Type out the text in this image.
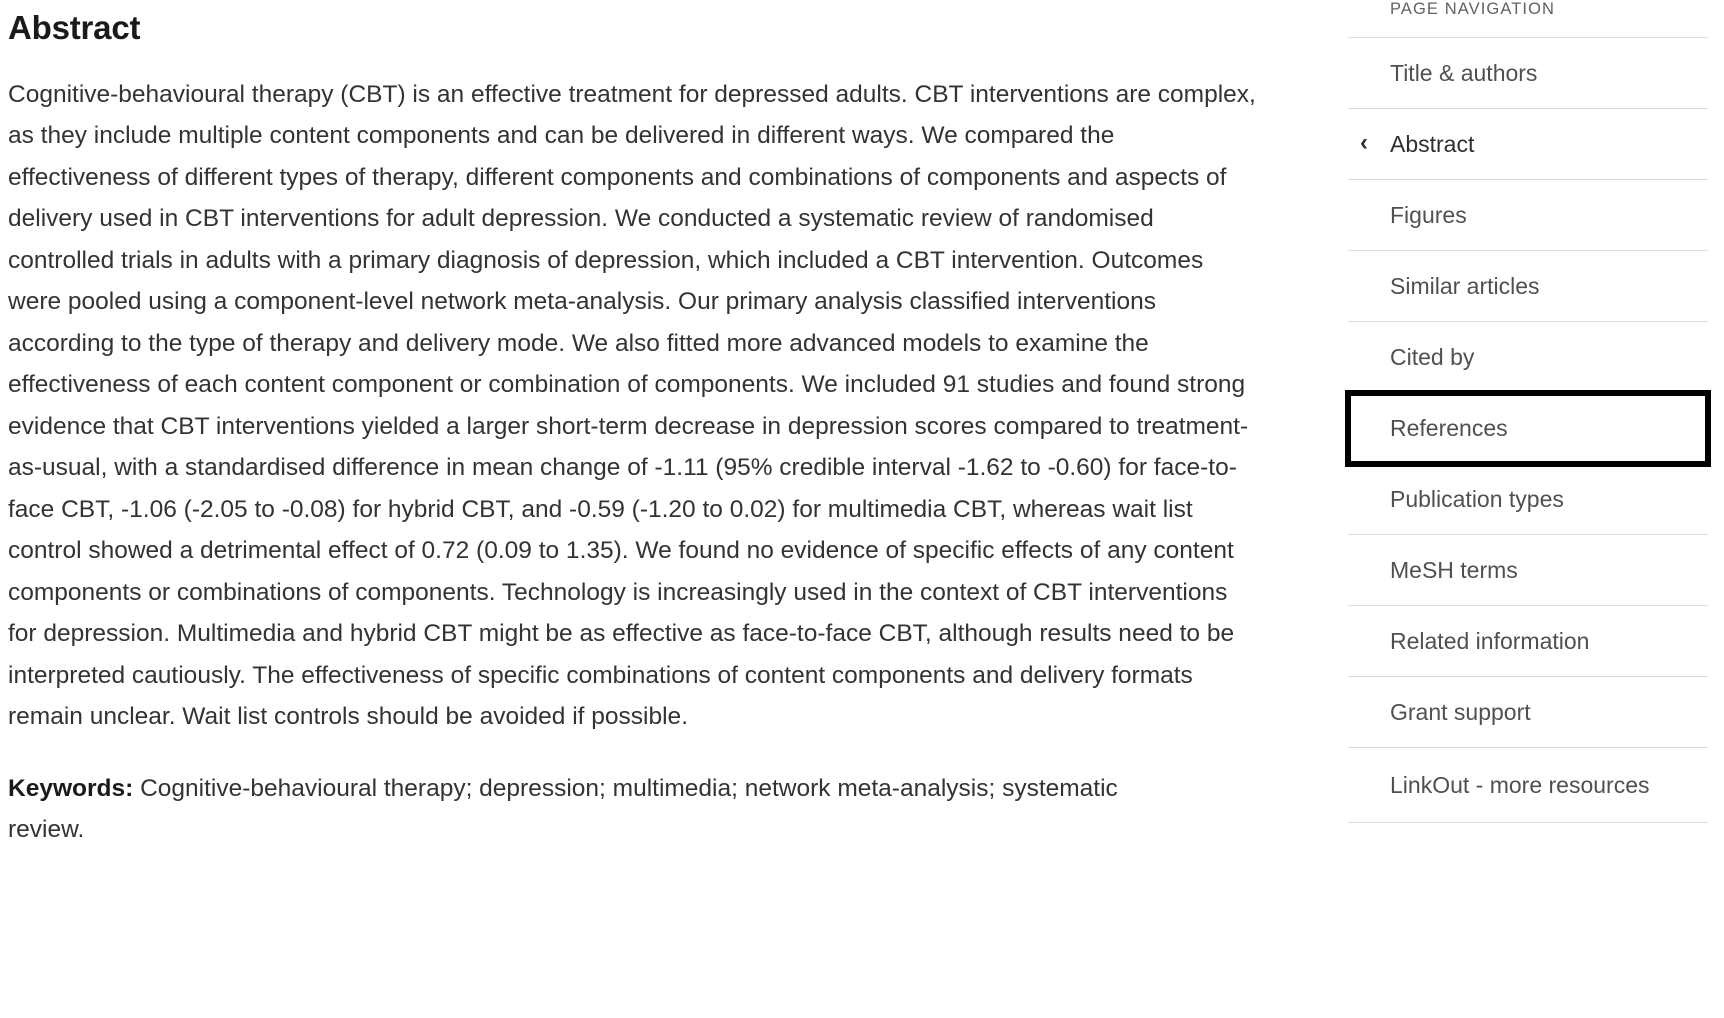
Abstract

Cognitive-behavioural therapy (CBT) is an effective treatment for depressed adults. CBT interventions are complex, as they include multiple content components and can be delivered in different ways. We compared the effectiveness of different types of therapy, different components and combinations of components and aspects of delivery used in CBT interventions for adult depression. We conducted a systematic review of randomised controlled trials in adults with a primary diagnosis of depression, which included a CBT intervention. Outcomes were pooled using a component-level network meta-analysis. Our primary analysis classified interventions according to the type of therapy and delivery mode. We also fitted more advanced models to examine the effectiveness of each content component or combination of components. We included 91 studies and found strong evidence that CBT interventions yielded a larger short-term decrease in depression scores compared to treatment-as-usual, with a standardised difference in mean change of -1.11 (95% credible interval -1.62 to -0.60) for face-to-face CBT, -1.06 (-2.05 to -0.08) for hybrid CBT, and -0.59 (-1.20 to 0.02) for multimedia CBT, whereas wait list control showed a detrimental effect of 0.72 (0.09 to 1.35). We found no evidence of specific effects of any content components or combinations of components. Technology is increasingly used in the context of CBT interventions for depression. Multimedia and hybrid CBT might be as effective as face-to-face CBT, although results need to be interpreted cautiously. The effectiveness of specific combinations of content components and delivery formats remain unclear. Wait list controls should be avoided if possible.

Keywords: Cognitive-behavioural therapy; depression; multimedia; network meta-analysis; systematic review.

PAGE NAVIGATION
Title & authors
‹ Abstract
Figures
Similar articles
Cited by
References
Publication types
MeSH terms
Related information
Grant support
LinkOut - more resources
